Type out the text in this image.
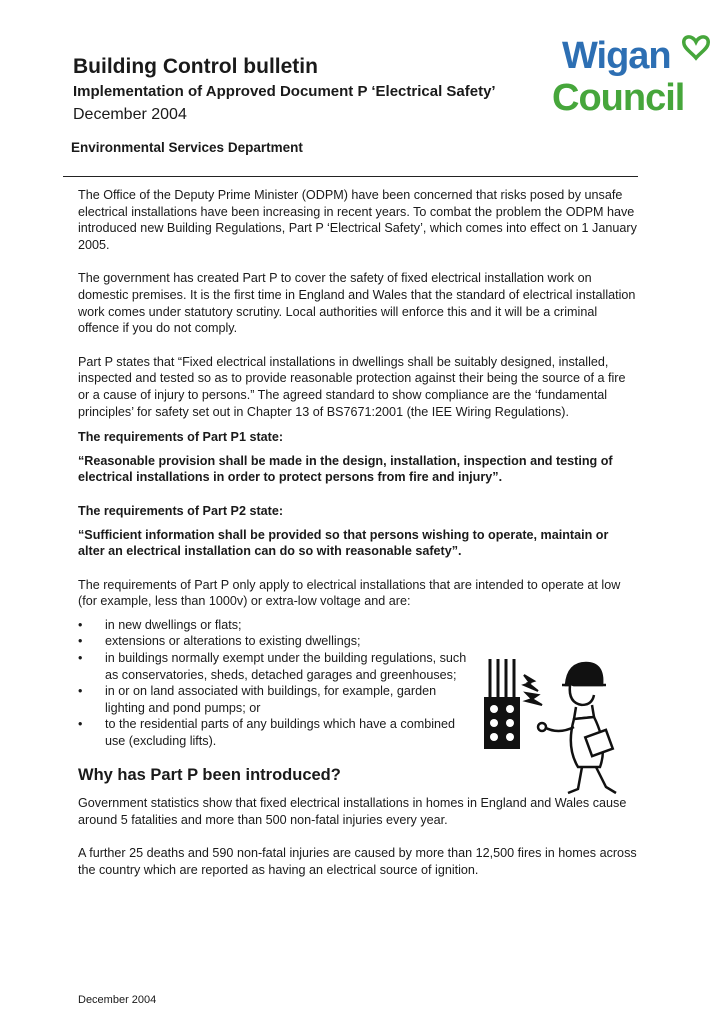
Building Control bulletin
Implementation of Approved Document P ‘Electrical Safety’
December 2004
Environmental Services Department
Wigan
Council

The Office of the Deputy Prime Minister (ODPM) have been concerned that risks posed by unsafe electrical installations have been increasing in recent years. To combat the problem the ODPM have introduced new Building Regulations, Part P ‘Electrical Safety’, which comes into effect on 1 January 2005.

The government has created Part P to cover the safety of fixed electrical installation work on domestic premises. It is the first time in England and Wales that the standard of electrical installation work comes under statutory scrutiny. Local authorities will enforce this and it will be a criminal offence if you do not comply.

Part P states that “Fixed electrical installations in dwellings shall be suitably designed, installed, inspected and tested so as to provide reasonable protection against their being the source of a fire or a cause of injury to persons.” The agreed standard to show compliance are the ‘fundamental principles’ for safety set out in Chapter 13 of BS7671:2001 (the IEE Wiring Regulations).

The requirements of Part P1 state:

“Reasonable provision shall be made in the design, installation, inspection and testing of electrical installations in order to protect persons from fire and injury”.

The requirements of Part P2 state:

“Sufficient information shall be provided so that persons wishing to operate, maintain or alter an electrical installation can do so with reasonable safety”.

The requirements of Part P only apply to electrical installations that are intended to operate at low (for example, less than 1000v) or extra-low voltage and are:

• in new dwellings or flats;
• extensions or alterations to existing dwellings;
• in buildings normally exempt under the building regulations, such as conservatories, sheds, detached garages and greenhouses;
• in or on land associated with buildings, for example, garden lighting and pond pumps; or
• to the residential parts of any buildings which have a combined use (excluding lifts).

Why has Part P been introduced?

Government statistics show that fixed electrical installations in homes in England and Wales cause around 5 fatalities and more than 500 non-fatal injuries every year.

A further 25 deaths and 590 non-fatal injuries are caused by more than 12,500 fires in homes across the country which are reported as having an electrical source of ignition.

December 2004
